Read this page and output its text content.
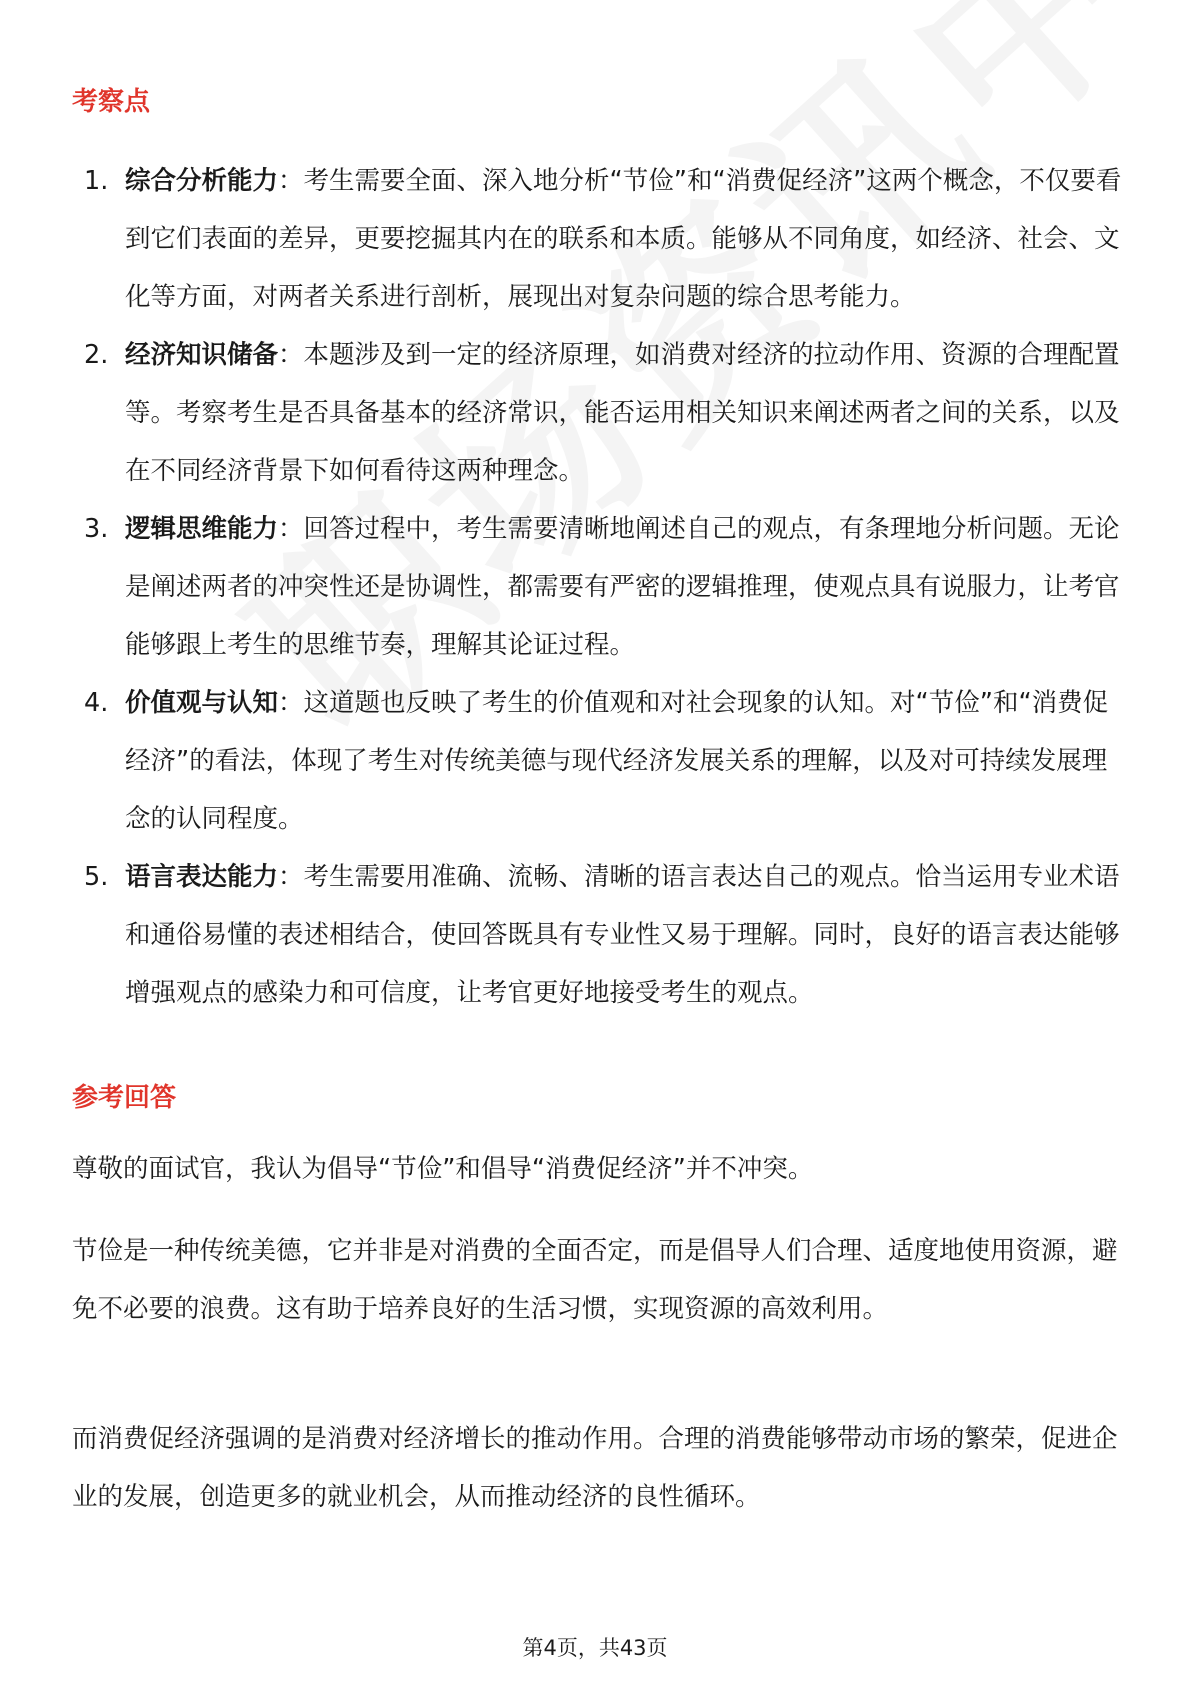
考察点
1. 综合分析能力：考生需要全面、深入地分析“节俭”和“消费促经济”这两个概念，不仅要看到它们表面的差异，更要挖掘其内在的联系和本质。能够从不同角度，如经济、社会、文化等方面，对两者关系进行剖析，展现出对复杂问题的综合思考能力。
2. 经济知识储备：本题涉及到一定的经济原理，如消费对经济的拉动作用、资源的合理配置等。考察考生是否具备基本的经济常识，能否运用相关知识来阐述两者之间的关系，以及在不同经济背景下如何看待这两种理念。
3. 逻辑思维能力：回答过程中，考生需要清晰地阐述自己的观点，有条理地分析问题。无论是阐述两者的冲突性还是协调性，都需要有严密的逻辑推理，使观点具有说服力，让考官能够跟上考生的思维节奏，理解其论证过程。
4. 价值观与认知：这道题也反映了考生的价值观和对社会现象的认知。对“节俭”和“消费促经济”的看法，体现了考生对传统美德与现代经济发展关系的理解，以及对可持续发展理念的认同程度。
5. 语言表达能力：考生需要用准确、流畅、清晰的语言表达自己的观点。恰当运用专业术语和通俗易懂的表述相结合，使回答既具有专业性又易于理解。同时，良好的语言表达能够增强观点的感染力和可信度，让考官更好地接受考生的观点。
参考回答
尊敬的面试官，我认为倡导“节俭”和倡导“消费促经济”并不冲突。
节俭是一种传统美德，它并非是对消费的全面否定，而是倡导人们合理、适度地使用资源，避免不必要的浪费。这有助于培养良好的生活习惯，实现资源的高效利用。
而消费促经济强调的是消费对经济增长的推动作用。合理的消费能够带动市场的繁荣，促进企业的发展，创造更多的就业机会，从而推动经济的良性循环。
第4页，共43页
